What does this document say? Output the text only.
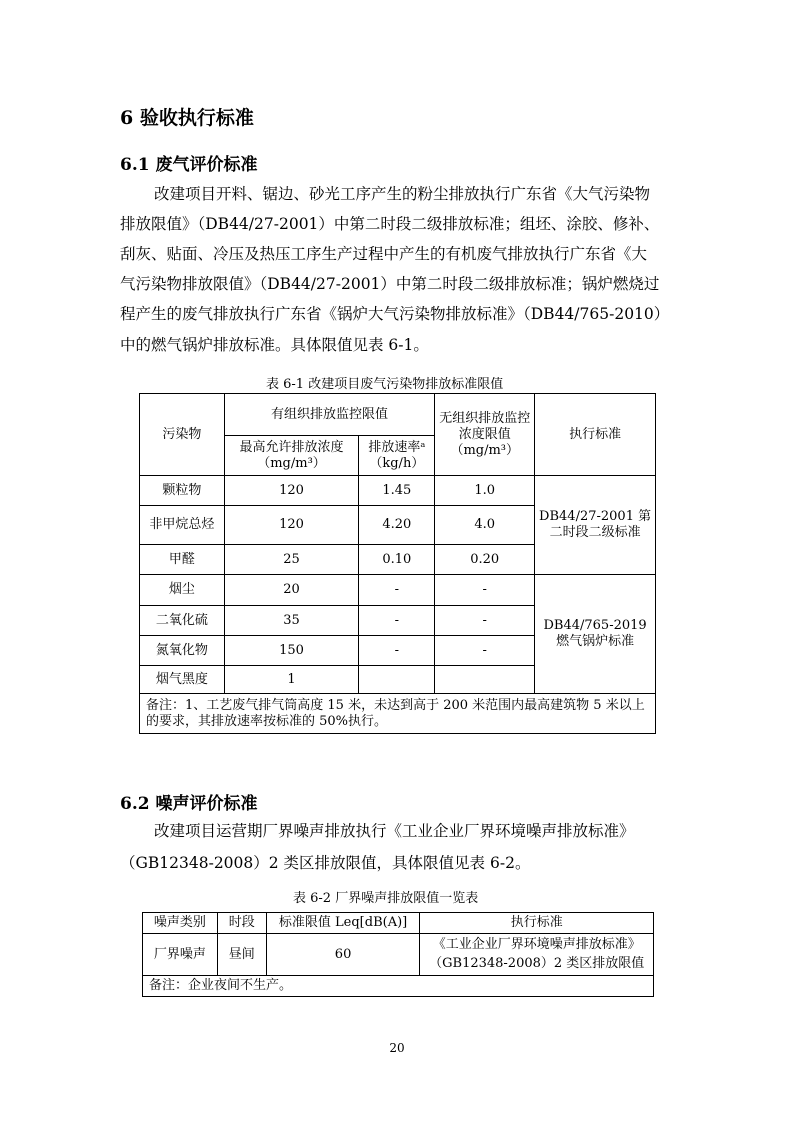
6 验收执行标准
6.1 废气评价标准
改建项目开料、锯边、砂光工序产生的粉尘排放执行广东省《大气污染物
排放限值》（DB44/27-2001）中第二时段二级排放标准；组坯、涂胶、修补、
刮灰、贴面、冷压及热压工序生产过程中产生的有机废气排放执行广东省《大
气污染物排放限值》（DB44/27-2001）中第二时段二级排放标准；锅炉燃烧过
程产生的废气排放执行广东省《锅炉大气污染物排放标准》（DB44/765-2010）
中的燃气锅炉排放标准。具体限值见表 6-1。
表 6-1 改建项目废气污染物排放标准限值
污染物	有组织排放监控限值		无组织排放监控浓度限值（mg/m³）	执行标准
	最高允许排放浓度（mg/m³）	排放速率ᵃ（kg/h）		
颗粒物	120	1.45	1.0	DB44/27-2001 第二时段二级标准
非甲烷总烃	120	4.20	4.0	
甲醛	25	0.10	0.20	
烟尘	20	-	-	DB44/765-2019 燃气锅炉标准
二氧化硫	35	-	-	
氮氧化物	150	-	-	
烟气黑度	1			
备注：1、工艺废气排气筒高度 15 米，未达到高于 200 米范围内最高建筑物 5 米以上的要求，其排放速率按标准的 50%执行。				
6.2 噪声评价标准
改建项目运营期厂界噪声排放执行《工业企业厂界环境噪声排放标准》
（GB12348-2008）2 类区排放限值，具体限值见表 6-2。
表 6-2 厂界噪声排放限值一览表
噪声类别	时段	标准限值 Leq[dB(A)]	执行标准
厂界噪声	昼间	60	《工业企业厂界环境噪声排放标准》
（GB12348-2008）2 类区排放限值

备注：企业夜间不生产。			
20
